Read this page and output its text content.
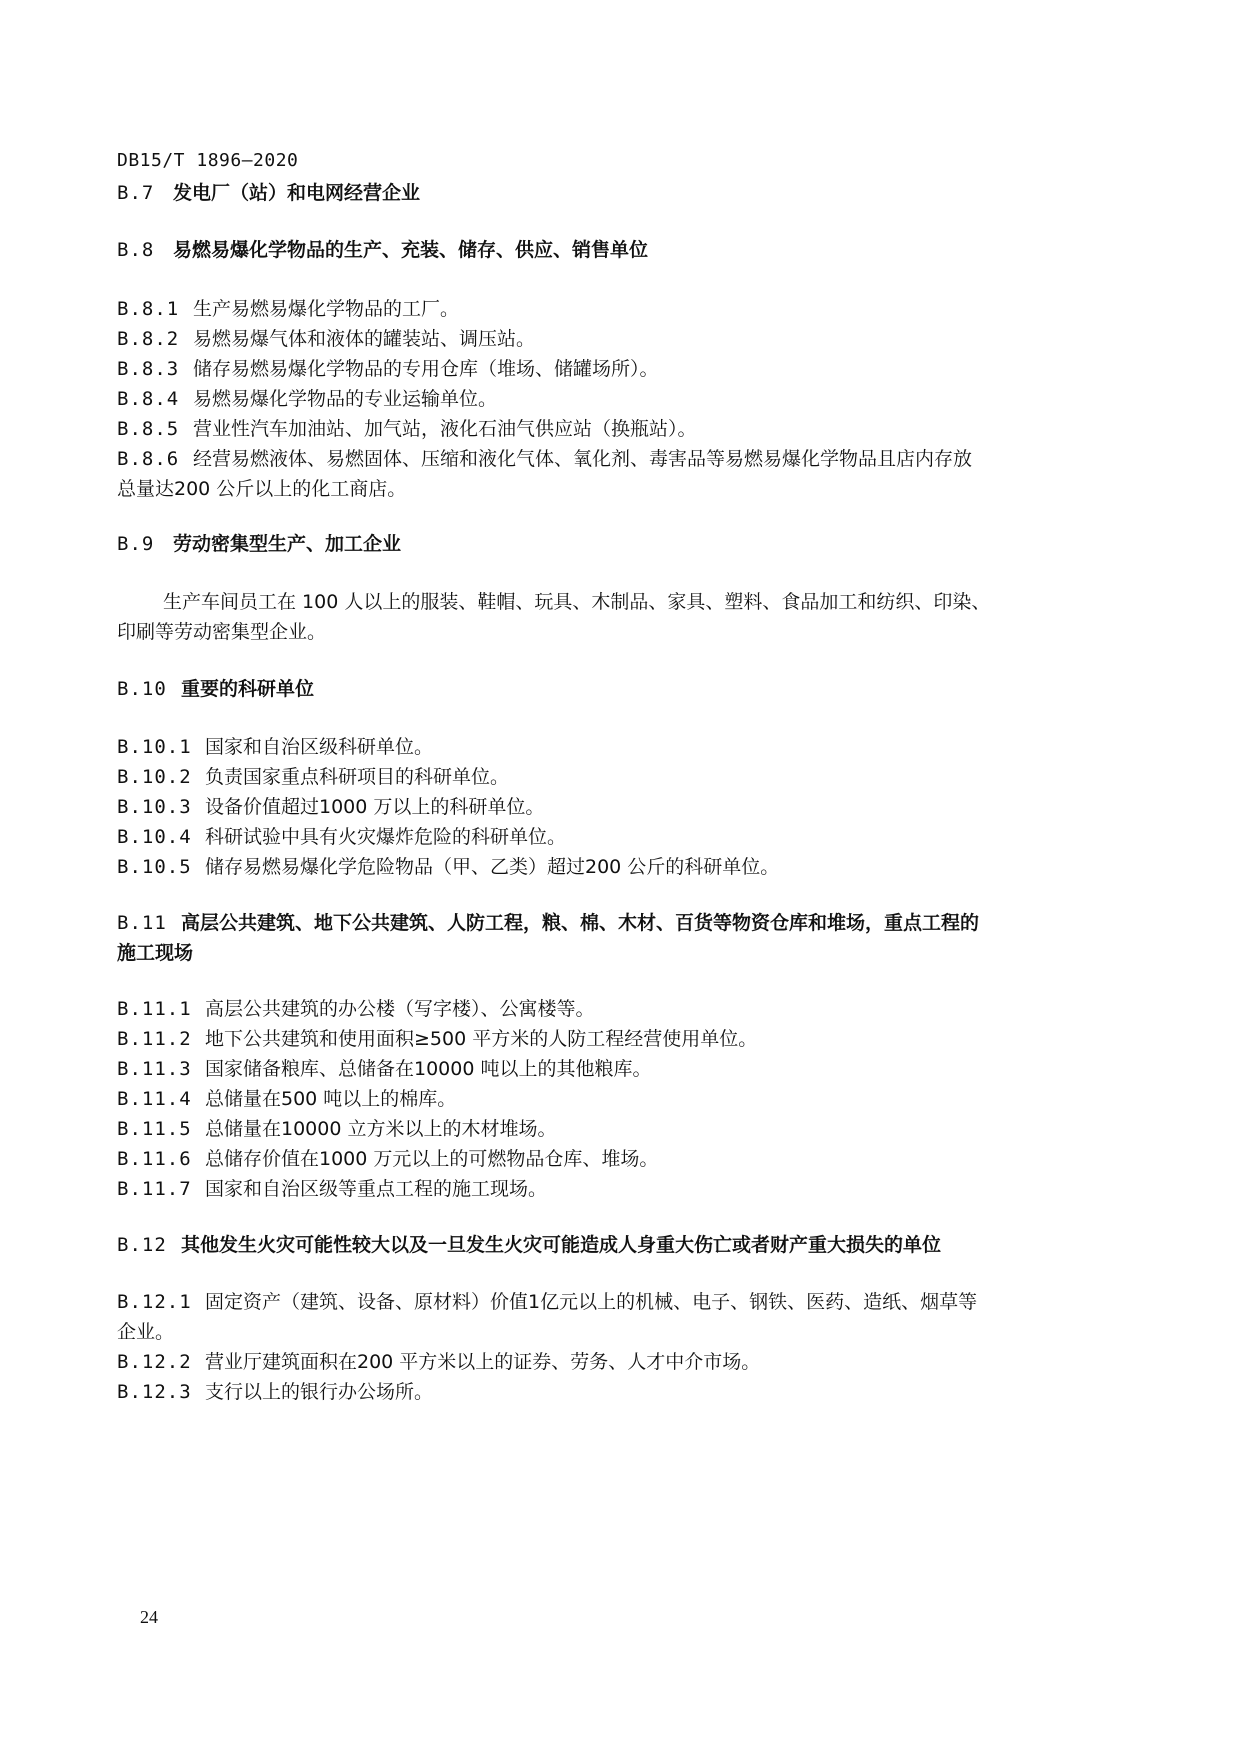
DB15/T 1896—2020
B.7 发电厂（站）和电网经营企业
B.8 易燃易爆化学物品的生产、充装、储存、供应、销售单位
B.8.1 生产易燃易爆化学物品的工厂。
B.8.2 易燃易爆气体和液体的罐装站、调压站。
B.8.3 储存易燃易爆化学物品的专用仓库（堆场、储罐场所）。
B.8.4 易燃易爆化学物品的专业运输单位。
B.8.5 营业性汽车加油站、加气站，液化石油气供应站（换瓶站）。
B.8.6 经营易燃液体、易燃固体、压缩和液化气体、氧化剂、毒害品等易燃易爆化学物品且店内存放
总量达200 公斤以上的化工商店。
B.9 劳动密集型生产、加工企业
生产车间员工在 100 人以上的服装、鞋帽、玩具、木制品、家具、塑料、食品加工和纺织、印染、
印刷等劳动密集型企业。
B.10 重要的科研单位
B.10.1 国家和自治区级科研单位。
B.10.2 负责国家重点科研项目的科研单位。
B.10.3 设备价值超过1000 万以上的科研单位。
B.10.4 科研试验中具有火灾爆炸危险的科研单位。
B.10.5 储存易燃易爆化学危险物品（甲、乙类）超过200 公斤的科研单位。
B.11 高层公共建筑、地下公共建筑、人防工程，粮、棉、木材、百货等物资仓库和堆场，重点工程的
施工现场
B.11.1 高层公共建筑的办公楼（写字楼）、公寓楼等。
B.11.2 地下公共建筑和使用面积≥500 平方米的人防工程经营使用单位。
B.11.3 国家储备粮库、总储备在10000 吨以上的其他粮库。
B.11.4 总储量在500 吨以上的棉库。
B.11.5 总储量在10000 立方米以上的木材堆场。
B.11.6 总储存价值在1000 万元以上的可燃物品仓库、堆场。
B.11.7 国家和自治区级等重点工程的施工现场。
B.12 其他发生火灾可能性较大以及一旦发生火灾可能造成人身重大伤亡或者财产重大损失的单位
B.12.1 固定资产（建筑、设备、原材料）价值1亿元以上的机械、电子、钢铁、医药、造纸、烟草等
企业。
B.12.2 营业厅建筑面积在200 平方米以上的证券、劳务、人才中介市场。
B.12.3 支行以上的银行办公场所。
24
